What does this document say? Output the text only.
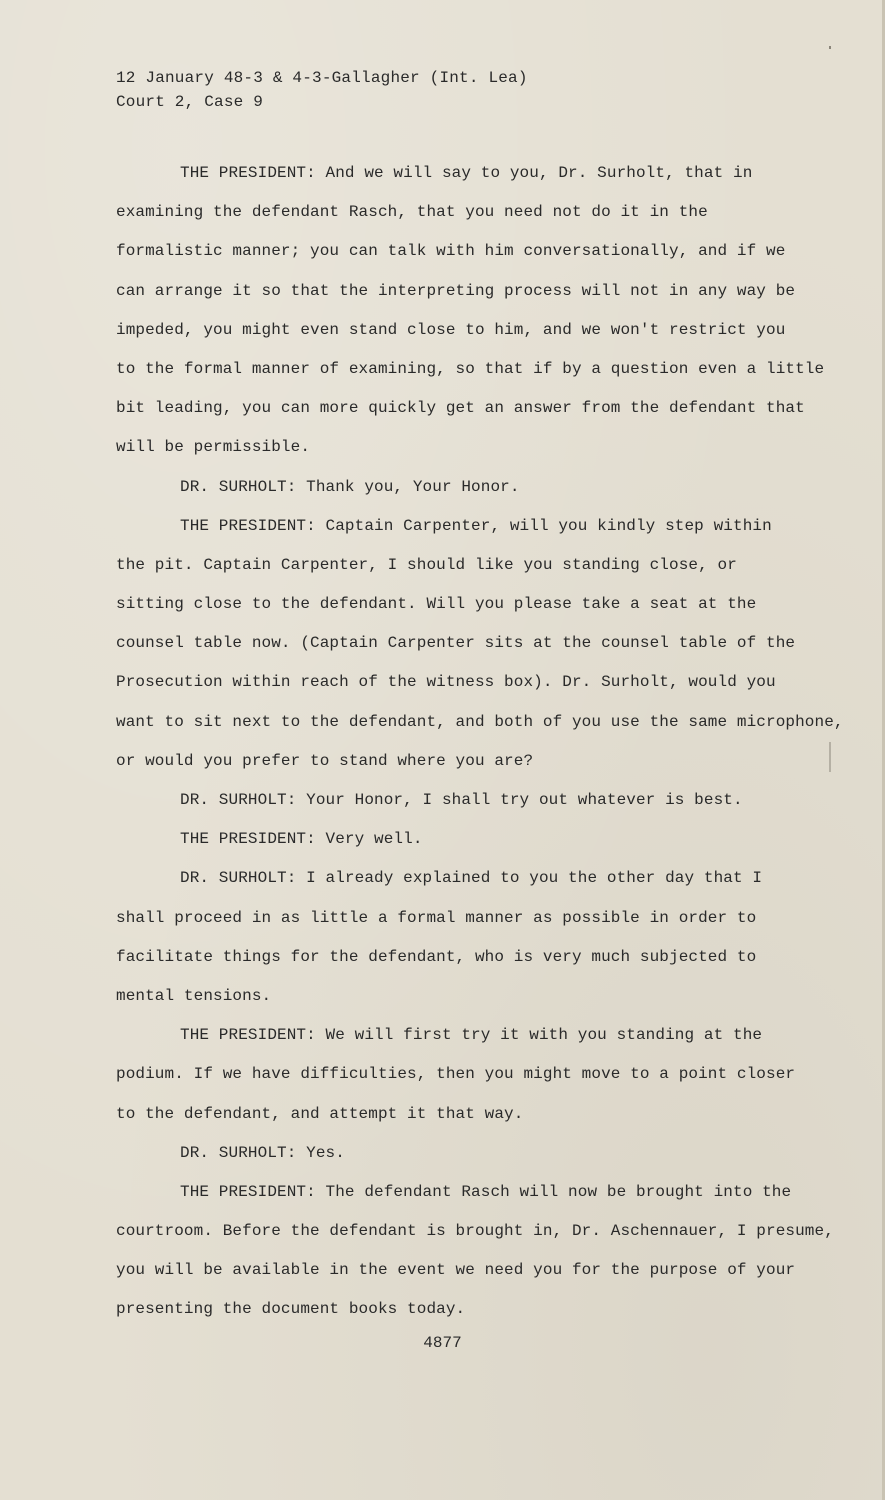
12 January 48-3 & 4-3-Gallagher (Int. Lea)
Court 2, Case 9
THE PRESIDENT: And we will say to you, Dr. Surholt, that in
examining the defendant Rasch, that you need not do it in the
formalistic manner; you can talk with him conversationally, and if we
can arrange it so that the interpreting process will not in any way be
impeded, you might even stand close to him, and we won't restrict you
to the formal manner of examining, so that if by a question even a little
bit leading, you can more quickly get an answer from the defendant that
will be permissible.
DR. SURHOLT: Thank you, Your Honor.
THE PRESIDENT: Captain Carpenter, will you kindly step within
the pit. Captain Carpenter, I should like you standing close, or
sitting close to the defendant. Will you please take a seat at the
counsel table now. (Captain Carpenter sits at the counsel table of the
Prosecution within reach of the witness box). Dr. Surholt, would you
want to sit next to the defendant, and both of you use the same microphone,
or would you prefer to stand where you are?
DR. SURHOLT: Your Honor, I shall try out whatever is best.
THE PRESIDENT: Very well.
DR. SURHOLT: I already explained to you the other day that I
shall proceed in as little a formal manner as possible in order to
facilitate things for the defendant, who is very much subjected to
mental tensions.
THE PRESIDENT: We will first try it with you standing at the
podium. If we have difficulties, then you might move to a point closer
to the defendant, and attempt it that way.
DR. SURHOLT: Yes.
THE PRESIDENT: The defendant Rasch will now be brought into the
courtroom. Before the defendant is brought in, Dr. Aschennauer, I presume,
you will be available in the event we need you for the purpose of your
presenting the document books today.
4877
